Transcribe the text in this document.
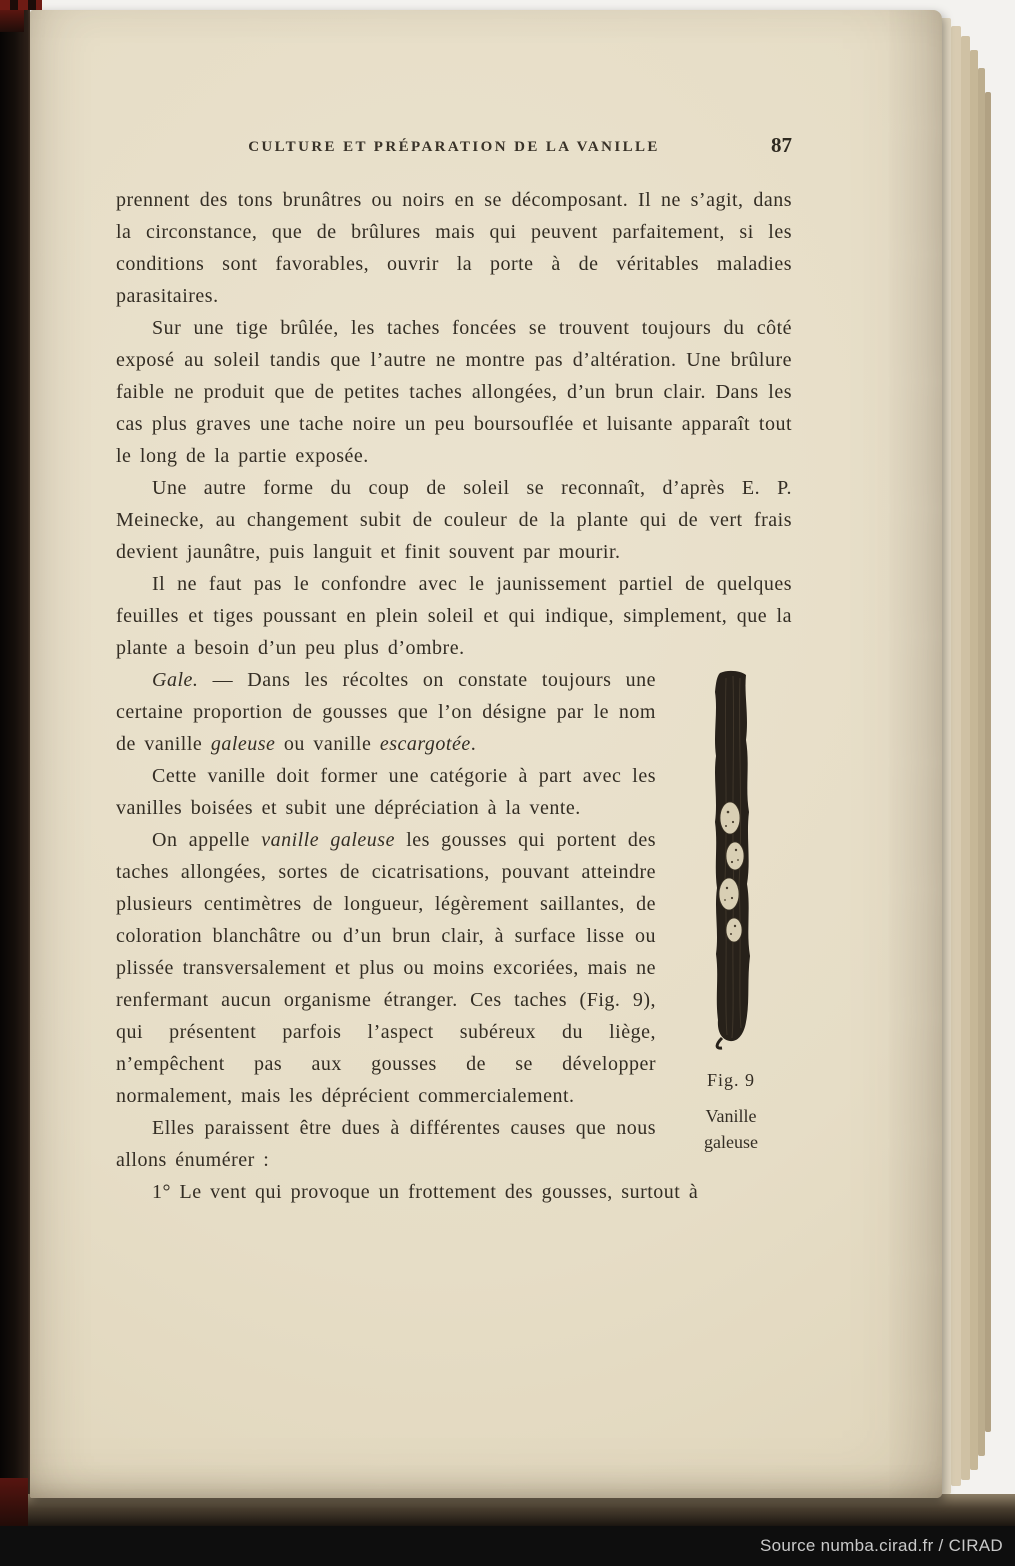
CULTURE ET PRÉPARATION DE LA VANILLE	87

prennent des tons brunâtres ou noirs en se décomposant. Il ne s’agit, dans la circonstance, que de brûlures mais qui peuvent parfaitement, si les conditions sont favorables, ouvrir la porte à de véritables maladies parasitaires.

Sur une tige brûlée, les taches foncées se trouvent toujours du côté exposé au soleil tandis que l’autre ne montre pas d’altération. Une brûlure faible ne produit que de petites taches allongées, d’un brun clair. Dans les cas plus graves une tache noire un peu boursouflée et luisante apparaît tout le long de la partie exposée.

Une autre forme du coup de soleil se reconnaît, d’après E. P. Meinecke, au changement subit de couleur de la plante qui de vert frais devient jaunâtre, puis languit et finit souvent par mourir.

Il ne faut pas le confondre avec le jaunissement partiel de quelques feuilles et tiges poussant en plein soleil et qui indique, simplement, que la plante a besoin d’un peu plus d’ombre.

Fig. 9
Vanille galeuse

Gale. — Dans les récoltes on constate toujours une certaine proportion de gousses que l’on désigne par le nom de vanille galeuse ou vanille escargotée.

Cette vanille doit former une catégorie à part avec les vanilles boisées et subit une dépréciation à la vente.

On appelle vanille galeuse les gousses qui portent des taches allongées, sortes de cicatrisations, pouvant atteindre plusieurs centimètres de longueur, légèrement saillantes, de coloration blanchâtre ou d’un brun clair, à surface lisse ou plissée transversalement et plus ou moins excoriées, mais ne renfermant aucun organisme étranger. Ces taches (Fig. 9), qui présentent parfois l’aspect subéreux du liège, n’empêchent pas aux gousses de se développer normalement, mais les déprécient commercialement.

Elles paraissent être dues à différentes causes que nous allons énumérer :

1° Le vent qui provoque un frottement des gousses, surtout à

Source numba.cirad.fr / CIRAD
